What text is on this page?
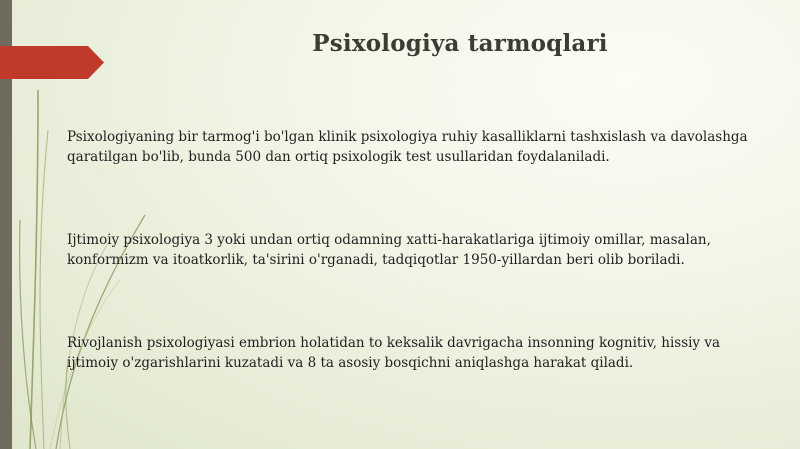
Psixologiya tarmoqlari

Psixologiyaning bir tarmog'i bo'lgan klinik psixologiya ruhiy kasalliklarni tashxislash va davolashga qaratilgan bo'lib, bunda 500 dan ortiq psixologik test usullaridan foydalaniladi.

Ijtimoiy psixologiya 3 yoki undan ortiq odamning xatti-harakatlariga ijtimoiy omillar, masalan, konformizm va itoatkorlik, ta'sirini o'rganadi, tadqiqotlar 1950-yillardan beri olib boriladi.

Rivojlanish psixologiyasi embrion holatidan to keksalik davrigacha insonning kognitiv, hissiy va ijtimoiy o'zgarishlarini kuzatadi va 8 ta asosiy bosqichni aniqlashga harakat qiladi.
